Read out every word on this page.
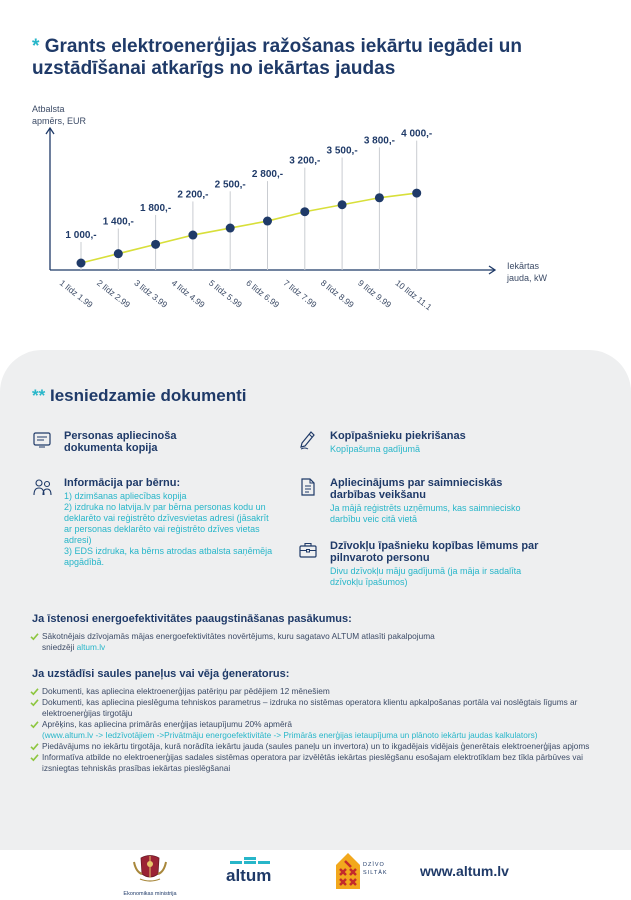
* Grants elektroenerģijas ražošanas iekārtu iegādei un uzstādīšanai atkarīgs no iekārtas jaudas
Atbalsta
apmērs, EUR
Iekārtas
jauda, kW
1 000,-
1 400,-
1 800,-
2 200,-
2 500,-
2 800,-
3 200,-
3 500,-
3 800,-
4 000,-
1 līdz 1.99 2 līdz 2.99 3 līdz 3.99 4 līdz 4.99 5 līdz 5.99 6 līdz 6.99 7 līdz 7.99 8 līdz 8.99 9 līdz 9.99 10 līdz 11.1
** Iesniedzamie dokumenti
Personas apliecinoša dokumenta kopija
Informācija par bērnu:
1) dzimšanas apliecības kopija
2) izdruka no latvija.lv par bērna personas kodu un deklarēto vai reģistrēto dzīvesvietas adresi (jāsakrīt ar personas deklarēto vai reģistrēto dzīves vietas adresi)
3) EDS izdruka, ka bērns atrodas atbalsta saņēmēja apgādībā.
Kopīpašnieku piekrišanas
Kopīpašuma gadījumā
Apliecinājums par saimnieciskās darbības veikšanu
Ja mājā reģistrēts uzņēmums, kas saimniecisko darbību veic citā vietā
Dzīvokļu īpašnieku kopības lēmums par pilnvaroto personu
Divu dzīvokļu māju gadījumā (ja māja ir sadalīta dzīvokļu īpašumos)
Ja īstenosi energoefektivitātes paaugstināšanas pasākumus:
Sākotnējais dzīvojamās mājas energoefektivitātes novērtējums, kuru sagatavo ALTUM atlasīti pakalpojuma sniedzēji altum.lv
Ja uzstādīsi saules paneļus vai vēja ģeneratorus:
Dokumenti, kas apliecina elektroenerģijas patēriņu par pēdējiem 12 mēnešiem
Dokumenti, kas apliecina pieslēguma tehniskos parametrus – izdruka no sistēmas operatora klientu apkalpošanas portāla vai noslēgtais līgums ar elektroenerģijas tirgotāju
Aprēķins, kas apliecina primārās enerģijas ietaupījumu 20% apmērā
(www.altum.lv -> Iedzīvotājiem ->Privātmāju energoefektivitāte -> Primārās enerģijas ietaupījuma un plānoto iekārtu jaudas kalkulators)
Piedāvājums no iekārtu tirgotāja, kurā norādīta iekārtu jauda (saules paneļu un invertora) un to ikgadējais vidējais ģenerētais elektroenerģijas apjoms
Informatīva atbilde no elektroenerģijas sadales sistēmas operatora par izvēlētās iekārtas pieslēgšanu esošajam elektrotīklam bez tīkla pārbūves vai izsniegtas tehniskās prasības iekārtas pieslēgšanai
Ekonomikas ministrija
altum
DZĪVO
SILTĀK www.altum.lv
